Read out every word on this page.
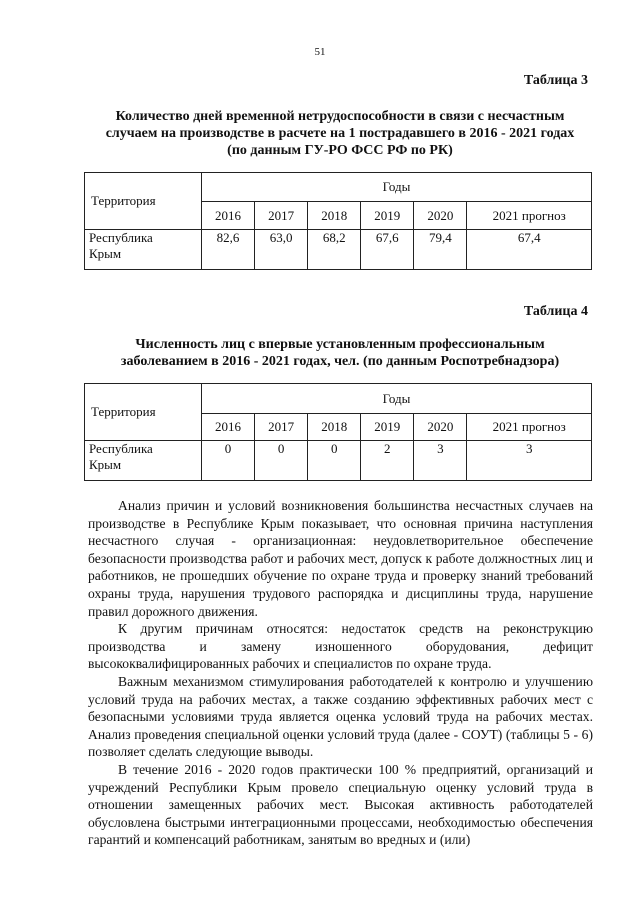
51
Таблица 3
Количество дней временной нетрудоспособности в связи с несчастным
случаем на производстве в расчете на 1 пострадавшего в 2016 - 2021 годах
(по данным ГУ-РО ФСС РФ по РК)
Территория	Годы					
	2016	2017	2018	2019	2020	2021 прогноз

Республика
Крым	82,6	63,0	68,2	67,6	79,4	67,4
Таблица 4
Численность лиц с впервые установленным профессиональным
заболеванием в 2016 - 2021 годах, чел. (по данным Роспотребнадзора)
Территория	Годы					
	2016	2017	2018	2019	2020	2021 прогноз

Республика
Крым	0	0	0	2	3	3

Анализ причин и условий возникновения большинства несчастных случаев на производстве в Республике Крым показывает, что основная причина наступления несчастного случая - организационная: неудовлетворительное обеспечение безопасности производства работ и рабочих мест, допуск к работе должностных лиц и работников, не прошедших обучение по охране труда и проверку знаний требований охраны труда, нарушения трудового распорядка и дисциплины труда, нарушение правил дорожного движения.

К другим причинам относятся: недостаток средств на реконструкцию производства и замену изношенного оборудования, дефицит высококвалифицированных рабочих и специалистов по охране труда.

Важным механизмом стимулирования работодателей к контролю и улучшению условий труда на рабочих местах, а также созданию эффективных рабочих мест с безопасными условиями труда является оценка условий труда на рабочих местах. Анализ проведения специальной оценки условий труда (далее - СОУТ) (таблицы 5 - 6) позволяет сделать следующие выводы.

В течение 2016 - 2020 годов практически 100 % предприятий, организаций и учреждений Республики Крым провело специальную оценку условий труда в отношении замещенных рабочих мест. Высокая активность работодателей обусловлена быстрыми интеграционными процессами, необходимостью обеспечения гарантий и компенсаций работникам, занятым во вредных и (или)
